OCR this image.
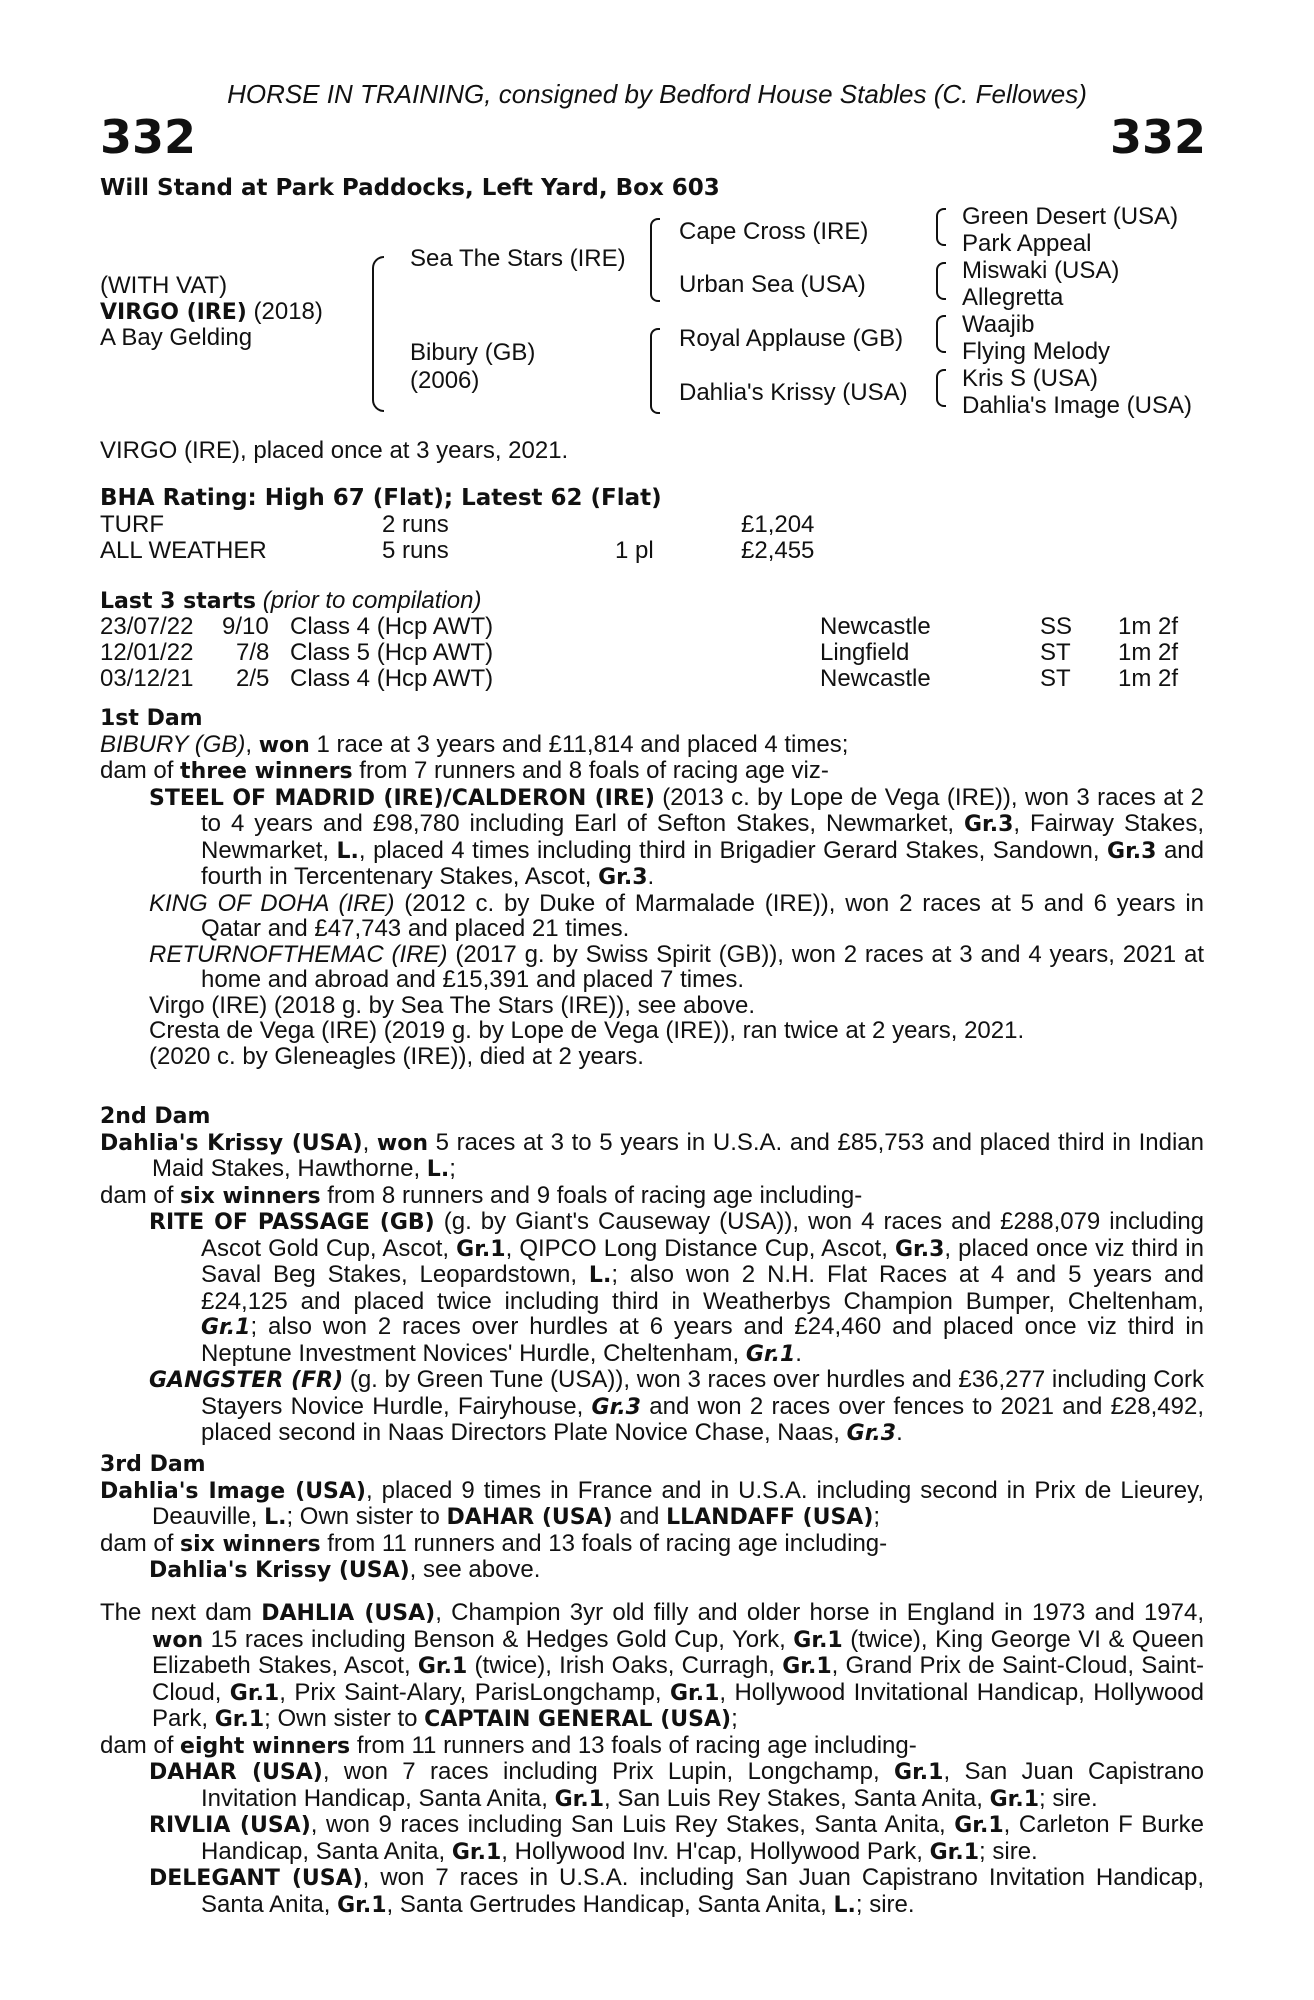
HORSE IN TRAINING, consigned by Bedford House Stables (C. Fellowes)
332	332
Will Stand at Park Paddocks, Left Yard, Box 603
(WITH VAT)
VIRGO (IRE) (2018)
A Bay Gelding
Sea The Stars (IRE)
Bibury (GB)
(2006)
Cape Cross (IRE)
Urban Sea (USA)
Royal Applause (GB)
Dahlia's Krissy (USA)
Green Desert (USA)
Park Appeal
Miswaki (USA)
Allegretta
Waajib
Flying Melody
Kris S (USA)
Dahlia's Image (USA)
VIRGO (IRE), placed once at 3 years, 2021.
BHA Rating: High 67 (Flat); Latest 62 (Flat)
TURF	2 runs	£1,204
ALL WEATHER	5 runs	1 pl	£2,455
Last 3 starts (prior to compilation)
23/07/22 9/10 Class 4 (Hcp AWT)	Newcastle	SS 1m 2f
12/01/22 7/8 Class 5 (Hcp AWT)	Lingfield	ST 1m 2f
03/12/21 2/5 Class 4 (Hcp AWT)	Newcastle	ST 1m 2f
1st Dam
BIBURY (GB), won 1 race at 3 years and £11,814 and placed 4 times;
dam of three winners from 7 runners and 8 foals of racing age viz-
STEEL OF MADRID (IRE)/CALDERON (IRE) (2013 c. by Lope de Vega (IRE)), won 3 races at 2 to 4 years and £98,780 including Earl of Sefton Stakes, Newmarket, Gr.3, Fairway Stakes, Newmarket, L., placed 4 times including third in Brigadier Gerard Stakes, Sandown, Gr.3 and fourth in Tercentenary Stakes, Ascot, Gr.3.
KING OF DOHA (IRE) (2012 c. by Duke of Marmalade (IRE)), won 2 races at 5 and 6 years in Qatar and £47,743 and placed 21 times.
RETURNOFTHEMAC (IRE) (2017 g. by Swiss Spirit (GB)), won 2 races at 3 and 4 years, 2021 at home and abroad and £15,391 and placed 7 times.
Virgo (IRE) (2018 g. by Sea The Stars (IRE)), see above.
Cresta de Vega (IRE) (2019 g. by Lope de Vega (IRE)), ran twice at 2 years, 2021.
(2020 c. by Gleneagles (IRE)), died at 2 years.
2nd Dam
Dahlia's Krissy (USA), won 5 races at 3 to 5 years in U.S.A. and £85,753 and placed third in Indian Maid Stakes, Hawthorne, L.;
dam of six winners from 8 runners and 9 foals of racing age including-
RITE OF PASSAGE (GB) (g. by Giant's Causeway (USA)), won 4 races and £288,079 including Ascot Gold Cup, Ascot, Gr.1, QIPCO Long Distance Cup, Ascot, Gr.3, placed once viz third in Saval Beg Stakes, Leopardstown, L.; also won 2 N.H. Flat Races at 4 and 5 years and £24,125 and placed twice including third in Weatherbys Champion Bumper, Cheltenham, Gr.1; also won 2 races over hurdles at 6 years and £24,460 and placed once viz third in Neptune Investment Novices' Hurdle, Cheltenham, Gr.1.
GANGSTER (FR) (g. by Green Tune (USA)), won 3 races over hurdles and £36,277 including Cork Stayers Novice Hurdle, Fairyhouse, Gr.3 and won 2 races over fences to 2021 and £28,492, placed second in Naas Directors Plate Novice Chase, Naas, Gr.3.
3rd Dam
Dahlia's Image (USA), placed 9 times in France and in U.S.A. including second in Prix de Lieurey, Deauville, L.; Own sister to DAHAR (USA) and LLANDAFF (USA);
dam of six winners from 11 runners and 13 foals of racing age including-
Dahlia's Krissy (USA), see above.
The next dam DAHLIA (USA), Champion 3yr old filly and older horse in England in 1973 and 1974, won 15 races including Benson & Hedges Gold Cup, York, Gr.1 (twice), King George VI & Queen Elizabeth Stakes, Ascot, Gr.1 (twice), Irish Oaks, Curragh, Gr.1, Grand Prix de Saint-Cloud, Saint-Cloud, Gr.1, Prix Saint-Alary, ParisLongchamp, Gr.1, Hollywood Invitational Handicap, Hollywood Park, Gr.1; Own sister to CAPTAIN GENERAL (USA);
dam of eight winners from 11 runners and 13 foals of racing age including-
DAHAR (USA), won 7 races including Prix Lupin, Longchamp, Gr.1, San Juan Capistrano Invitation Handicap, Santa Anita, Gr.1, San Luis Rey Stakes, Santa Anita, Gr.1; sire.
RIVLIA (USA), won 9 races including San Luis Rey Stakes, Santa Anita, Gr.1, Carleton F Burke Handicap, Santa Anita, Gr.1, Hollywood Inv. H'cap, Hollywood Park, Gr.1; sire.
DELEGANT (USA), won 7 races in U.S.A. including San Juan Capistrano Invitation Handicap, Santa Anita, Gr.1, Santa Gertrudes Handicap, Santa Anita, L.; sire.
